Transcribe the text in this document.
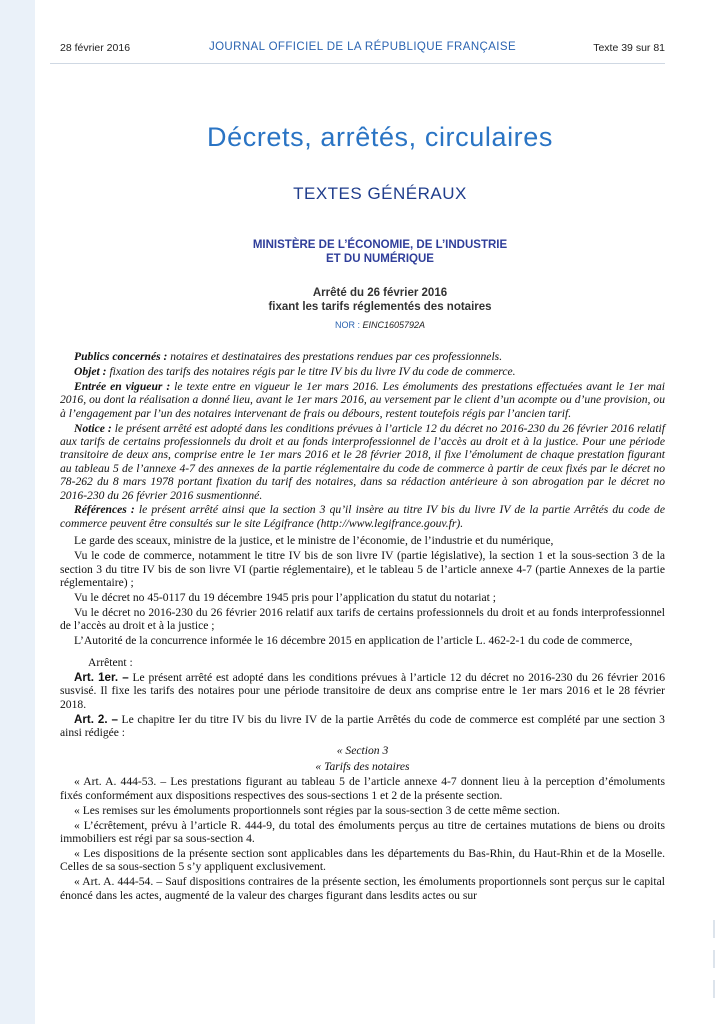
28 février 2016	JOURNAL OFFICIEL DE LA RÉPUBLIQUE FRANÇAISE	Texte 39 sur 81
Décrets, arrêtés, circulaires
TEXTES GÉNÉRAUX
MINISTÈRE DE L’ÉCONOMIE, DE L’INDUSTRIE
ET DU NUMÉRIQUE
Arrêté du 26 février 2016
fixant les tarifs réglementés des notaires
NOR : EINC1605792A

Publics concernés : notaires et destinataires des prestations rendues par ces professionnels.

Objet : fixation des tarifs des notaires régis par le titre IV bis du livre IV du code de commerce.

Entrée en vigueur : le texte entre en vigueur le 1er mars 2016. Les émoluments des prestations effectuées avant le 1er mai 2016, ou dont la réalisation a donné lieu, avant le 1er mars 2016, au versement par le client d’un acompte ou d’une provision, ou à l’engagement par l’un des notaires intervenant de frais ou débours, restent toutefois régis par l’ancien tarif.

Notice : le présent arrêté est adopté dans les conditions prévues à l’article 12 du décret no 2016-230 du 26 février 2016 relatif aux tarifs de certains professionnels du droit et au fonds interprofessionnel de l’accès au droit et à la justice. Pour une période transitoire de deux ans, comprise entre le 1er mars 2016 et le 28 février 2018, il fixe l’émolument de chaque prestation figurant au tableau 5 de l’annexe 4-7 des annexes de la partie réglementaire du code de commerce à partir de ceux fixés par le décret no 78-262 du 8 mars 1978 portant fixation du tarif des notaires, dans sa rédaction antérieure à son abrogation par le décret no 2016-230 du 26 février 2016 susmentionné.

Références : le présent arrêté ainsi que la section 3 qu’il insère au titre IV bis du livre IV de la partie Arrêtés du code de commerce peuvent être consultés sur le site Légifrance (http://www.legifrance.gouv.fr).

Le garde des sceaux, ministre de la justice, et le ministre de l’économie, de l’industrie et du numérique,

Vu le code de commerce, notamment le titre IV bis de son livre IV (partie législative), la section 1 et la sous-section 3 de la section 3 du titre IV bis de son livre VI (partie réglementaire), et le tableau 5 de l’article annexe 4-7 (partie Annexes de la partie réglementaire) ;

Vu le décret no 45-0117 du 19 décembre 1945 pris pour l’application du statut du notariat ;

Vu le décret no 2016-230 du 26 février 2016 relatif aux tarifs de certains professionnels du droit et au fonds interprofessionnel de l’accès au droit et à la justice ;

L’Autorité de la concurrence informée le 16 décembre 2015 en application de l’article L. 462-2-1 du code de commerce,

Arrêtent :

Art. 1er. – Le présent arrêté est adopté dans les conditions prévues à l’article 12 du décret no 2016-230 du 26 février 2016 susvisé. Il fixe les tarifs des notaires pour une période transitoire de deux ans comprise entre le 1er mars 2016 et le 28 février 2018.

Art. 2. – Le chapitre Ier du titre IV bis du livre IV de la partie Arrêtés du code de commerce est complété par une section 3 ainsi rédigée :

« Section 3

« Tarifs des notaires

« Art. A. 444-53. – Les prestations figurant au tableau 5 de l’article annexe 4-7 donnent lieu à la perception d’émoluments fixés conformément aux dispositions respectives des sous-sections 1 et 2 de la présente section.

« Les remises sur les émoluments proportionnels sont régies par la sous-section 3 de cette même section.

« L’écrêtement, prévu à l’article R. 444-9, du total des émoluments perçus au titre de certaines mutations de biens ou droits immobiliers est régi par sa sous-section 4.

« Les dispositions de la présente section sont applicables dans les départements du Bas-Rhin, du Haut-Rhin et de la Moselle. Celles de sa sous-section 5 s’y appliquent exclusivement.

« Art. A. 444-54. – Sauf dispositions contraires de la présente section, les émoluments proportionnels sont perçus sur le capital énoncé dans les actes, augmenté de la valeur des charges figurant dans lesdits actes ou sur
